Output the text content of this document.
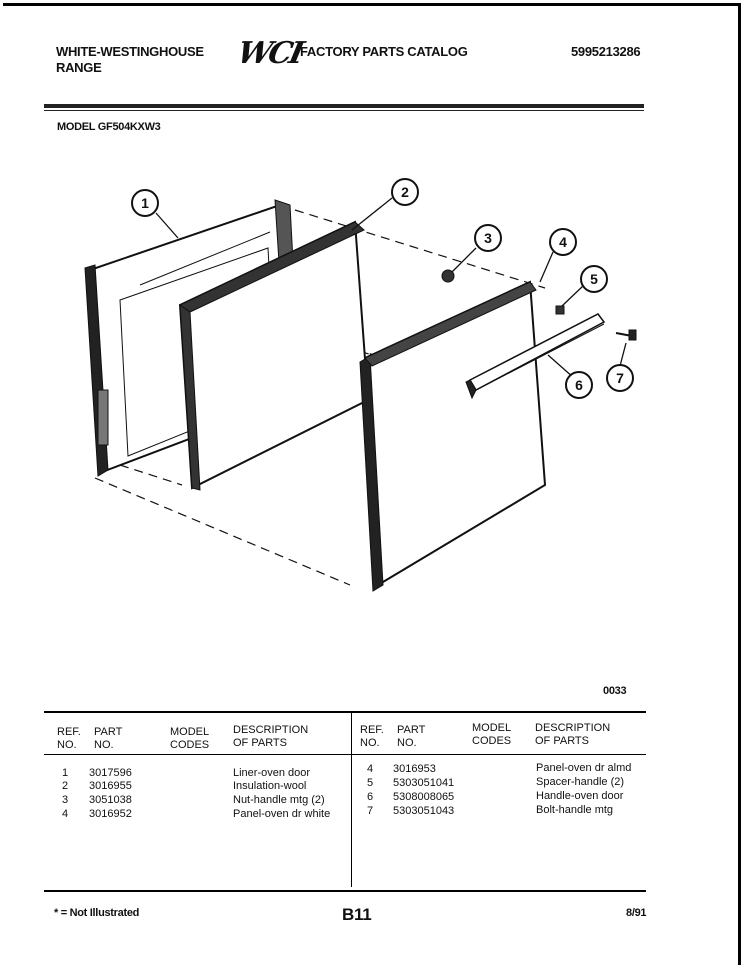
WHITE-WESTINGHOUSE
RANGE	WCI
FACTORY PARTS CATALOG	5995213286
MODEL GF504KXW3
1
2
3	4
5
6 7
0033
REF.
NO.
PART
NO.
MODEL
CODES
DESCRIPTION
OF PARTS
REF.
NO.
PART
NO.
MODEL
CODES
DESCRIPTION
OF PARTS
1 3017596	Liner-oven door
2 3016955	Insulation-wool
3 3051038	Nut-handle mtg (2)
4 3016952	Panel-oven dr white
4 3016953	Panel-oven dr almd
5 5303051041	Spacer-handle (2)
6 5308008065	Handle-oven door
7 5303051043	Bolt-handle mtg
* = Not Illustrated	B11	8/91
